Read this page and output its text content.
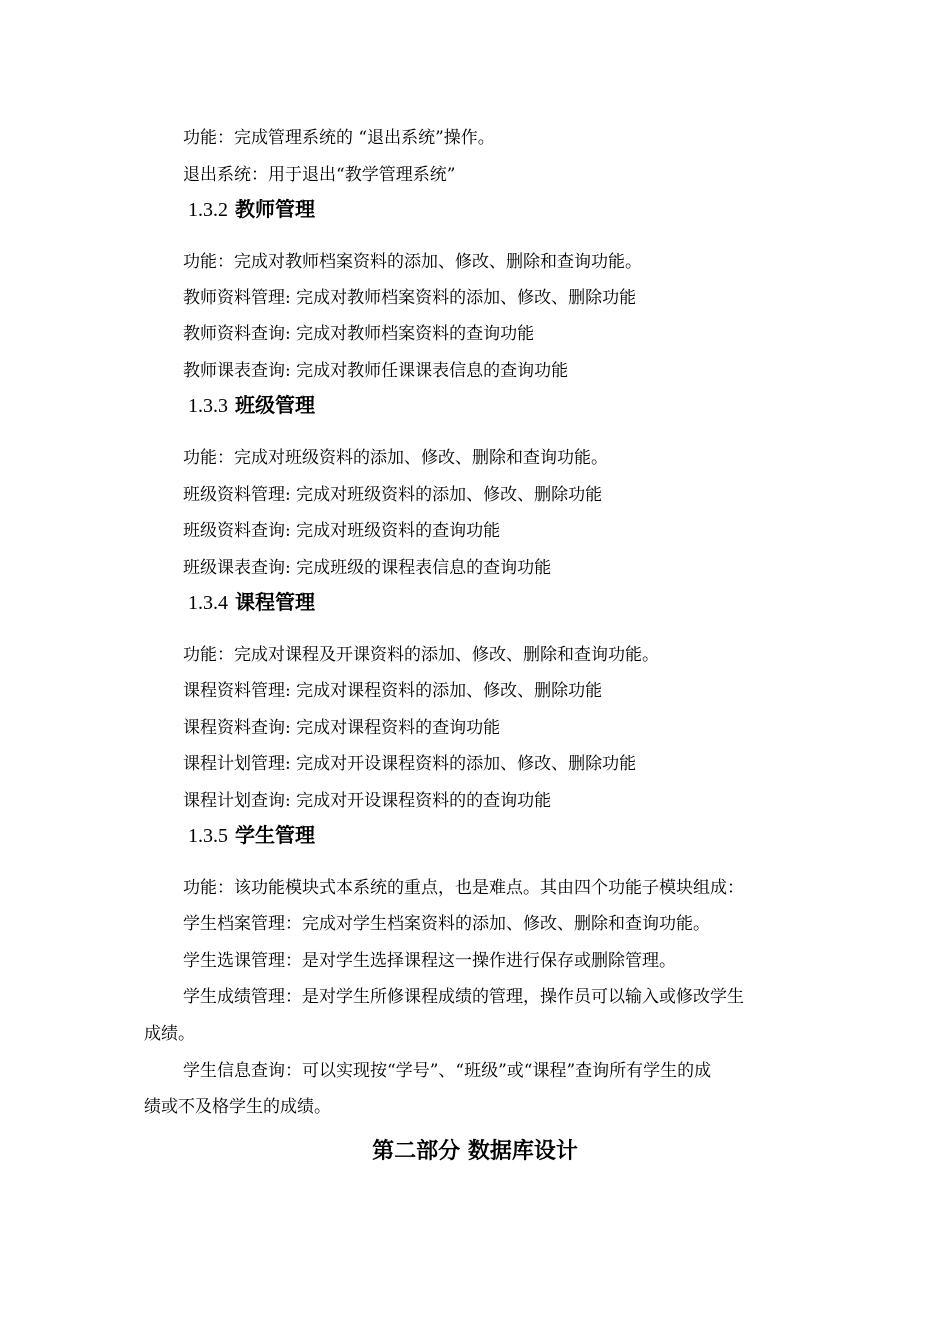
功能：完成管理系统的 “退出系统”操作。
退出系统：用于退出“教学管理系统”
1.3.2 教师管理
功能：完成对教师档案资料的添加、修改、删除和查询功能。
教师资料管理: 完成对教师档案资料的添加、修改、删除功能
教师资料查询: 完成对教师档案资料的查询功能
教师课表查询: 完成对教师任课课表信息的查询功能
1.3.3 班级管理
功能：完成对班级资料的添加、修改、删除和查询功能。
班级资料管理: 完成对班级资料的添加、修改、删除功能
班级资料查询: 完成对班级资料的查询功能
班级课表查询: 完成班级的课程表信息的查询功能
1.3.4 课程管理
功能：完成对课程及开课资料的添加、修改、删除和查询功能。
课程资料管理: 完成对课程资料的添加、修改、删除功能
课程资料查询: 完成对课程资料的查询功能
课程计划管理: 完成对开设课程资料的添加、修改、删除功能
课程计划查询: 完成对开设课程资料的的查询功能
1.3.5 学生管理
功能：该功能模块式本系统的重点，也是难点。其由四个功能子模块组成：
学生档案管理：完成对学生档案资料的添加、修改、删除和查询功能。
学生选课管理：是对学生选择课程这一操作进行保存或删除管理。
学生成绩管理：是对学生所修课程成绩的管理，操作员可以输入或修改学生
成绩。
学生信息查询：可以实现按“学号”、“班级”或“课程”查询所有学生的成
绩或不及格学生的成绩。
第二部分 数据库设计
